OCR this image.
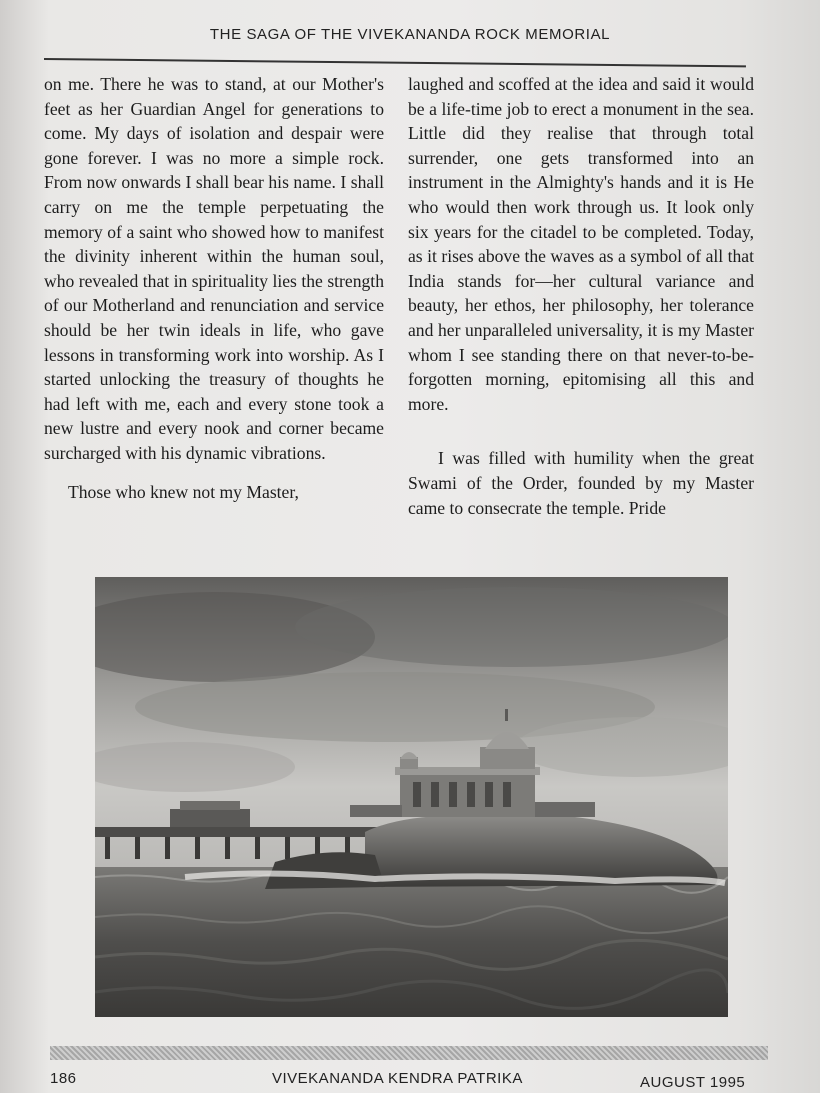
THE SAGA OF THE VIVEKANANDA ROCK MEMORIAL

on me. There he was to stand, at our Mother's feet as her Guardian Angel for generations to come. My days of isolation and despair were gone forever. I was no more a simple rock. From now onwards I shall bear his name. I shall carry on me the temple perpetuating the memory of a saint who showed how to manifest the divinity inherent within the human soul, who revealed that in spirituality lies the strength of our Motherland and renunciation and service should be her twin ideals in life, who gave lessons in transforming work into worship. As I started unlocking the treasury of thoughts he had left with me, each and every stone took a new lustre and every nook and corner became surcharged with his dynamic vibrations.

Those who knew not my Master,

laughed and scoffed at the idea and said it would be a life-time job to erect a monument in the sea. Little did they realise that through total surrender, one gets transformed into an instrument in the Almighty's hands and it is He who would then work through us. It look only six years for the citadel to be completed. Today, as it rises above the waves as a symbol of all that India stands for—her cultural variance and beauty, her ethos, her philosophy, her tolerance and her unparalleled universality, it is my Master whom I see standing there on that never-to-be-forgotten morning, epitomising all this and more.

I was filled with humility when the great Swami of the Order, founded by my Master came to consecrate the temple. Pride

186	VIVEKANANDA KENDRA PATRIKA	AUGUST 1995
